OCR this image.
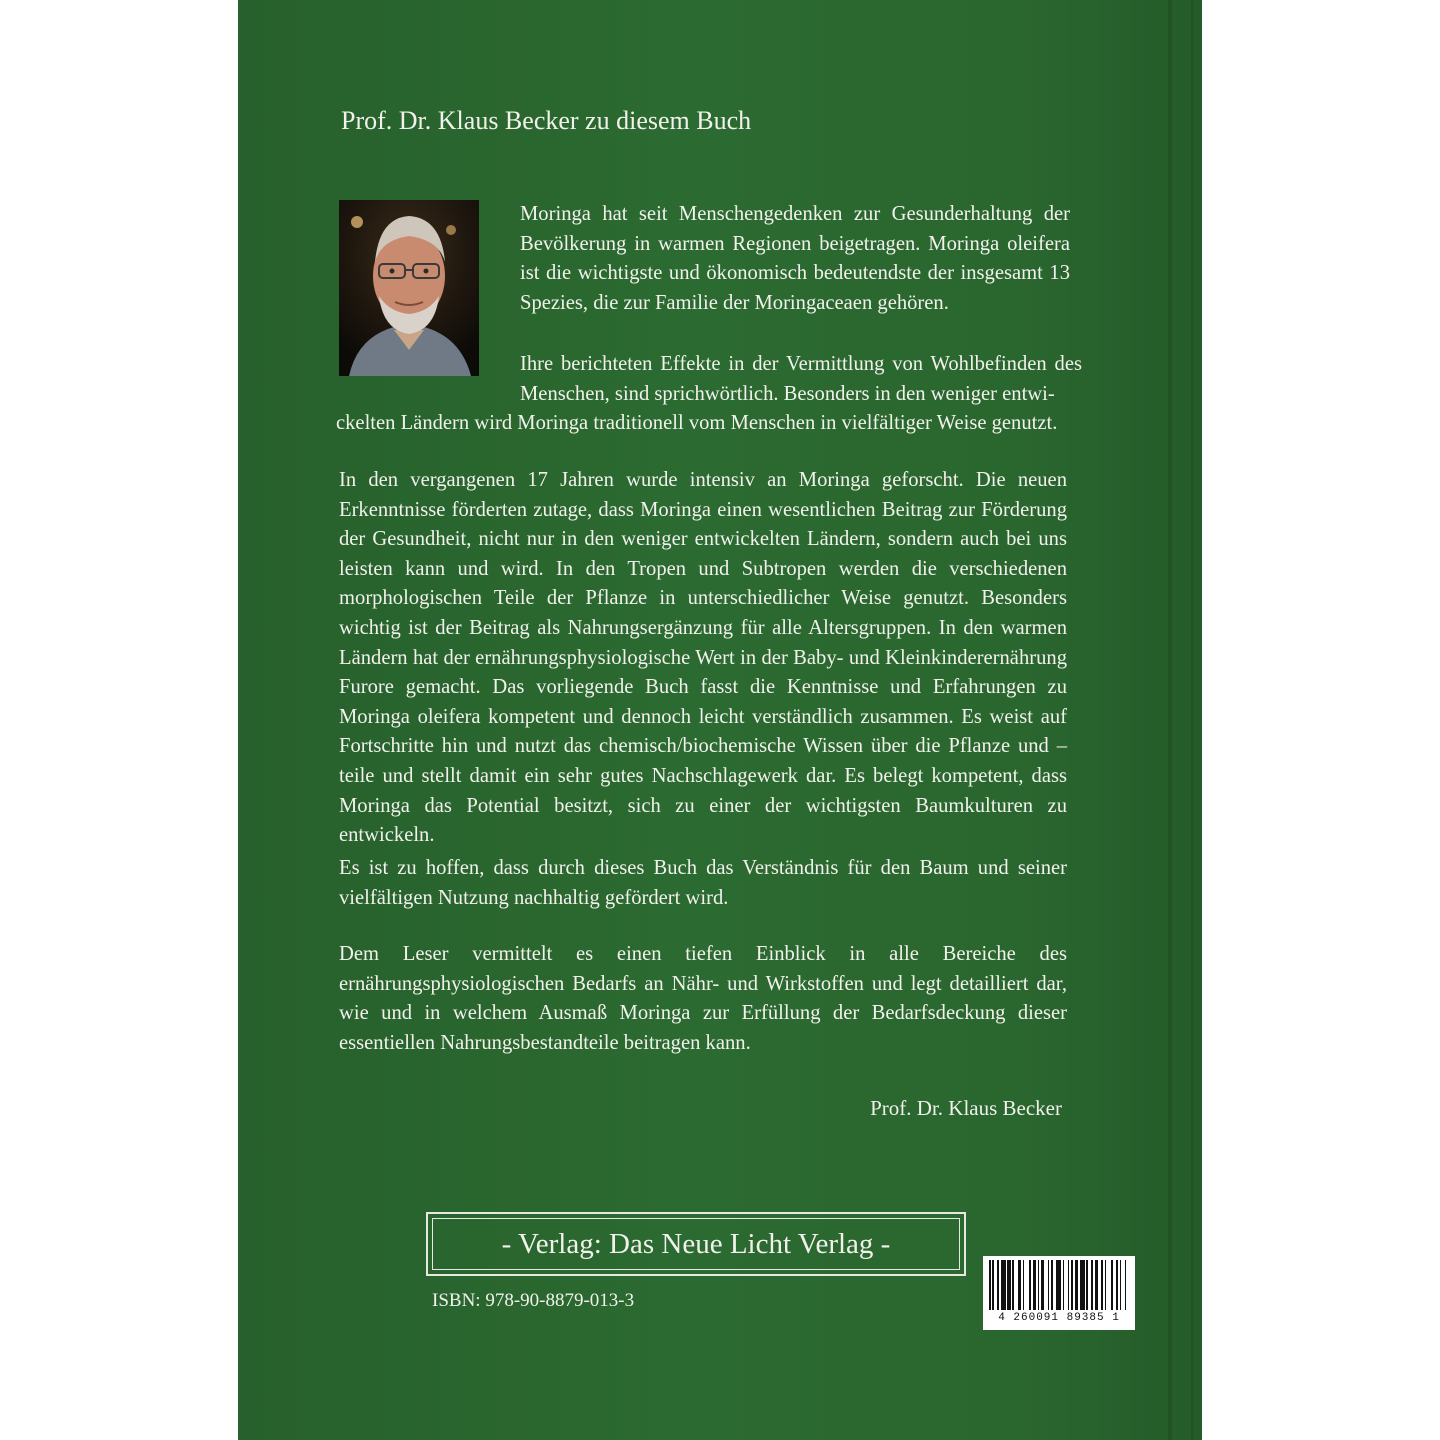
Prof. Dr. Klaus Becker zu diesem Buch

Moringa hat seit Menschengedenken zur Gesunderhaltung der Bevölkerung in warmen Regionen beigetragen. Moringa oleifera ist die wichtigste und ökonomisch bedeutendste der insgesamt 13 Spezies, die zur Familie der Moringaceaen gehören.

Ihre berichteten Effekte in der Vermittlung von Wohlbefinden des Menschen, sind sprichwörtlich. Besonders in den weniger entwi-
ckelten Ländern wird Moringa traditionell vom Menschen in vielfältiger Weise genutzt.

In den vergangenen 17 Jahren wurde intensiv an Moringa geforscht. Die neuen Erkenntnisse förderten zutage, dass Moringa einen wesentlichen Beitrag zur Förderung der Gesundheit, nicht nur in den weniger entwickelten Ländern, sondern auch bei uns leisten kann und wird. In den Tropen und Subtropen werden die verschiedenen morphologischen Teile der Pflanze in unterschiedlicher Weise genutzt. Besonders wichtig ist der Beitrag als Nahrungsergänzung für alle Altersgruppen. In den warmen Ländern hat der ernährungsphysiologische Wert in der Baby- und Kleinkinderernährung Furore gemacht. Das vorliegende Buch fasst die Kenntnisse und Erfahrungen zu Moringa oleifera kompetent und dennoch leicht verständlich zusammen. Es weist auf Fortschritte hin und nutzt das chemisch/biochemische Wissen über die Pflanze und –teile und stellt damit ein sehr gutes Nachschlagewerk dar. Es belegt kompetent, dass Moringa das Potential besitzt, sich zu einer der wichtigsten Baumkulturen zu entwickeln.

Es ist zu hoffen, dass durch dieses Buch das Verständnis für den Baum und seiner vielfältigen Nutzung nachhaltig gefördert wird.

Dem Leser vermittelt es einen tiefen Einblick in alle Bereiche des ernährungsphysiologischen Bedarfs an Nähr- und Wirkstoffen und legt detailliert dar, wie und in welchem Ausmaß Moringa zur Erfüllung der Bedarfsdeckung dieser essentiellen Nahrungsbestandteile beitragen kann.

Prof. Dr. Klaus Becker
- Verlag: Das Neue Licht Verlag -
ISBN: 978-90-8879-013-3
4 260091 89385 1
